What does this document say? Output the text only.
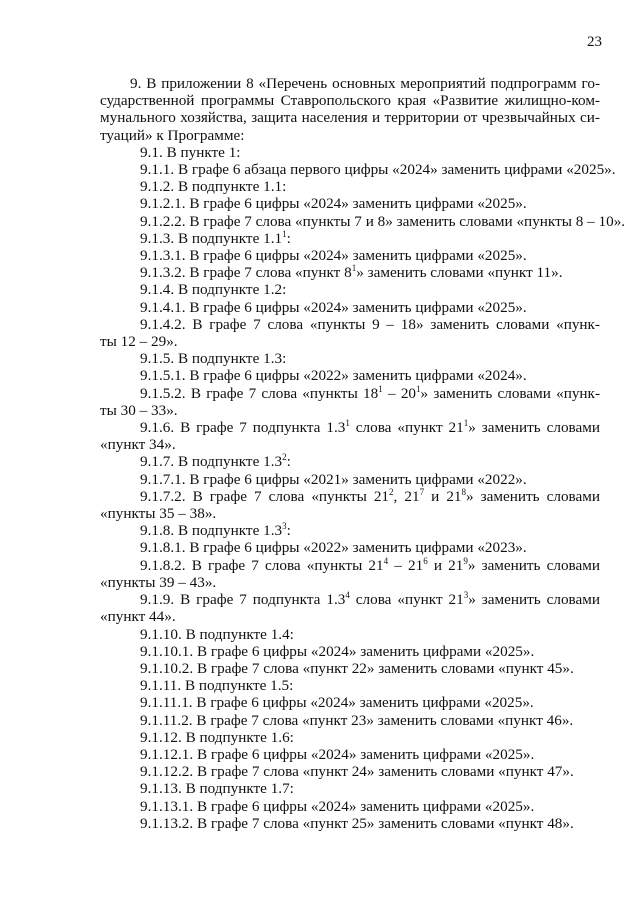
23
9. В приложении 8 «Перечень основных мероприятий подпрограмм го-
сударственной программы Ставропольского края «Развитие жилищно-ком-
мунального хозяйства, защита населения и территории от чрезвычайных си-
туаций» к Программе:
9.1. В пункте 1:
9.1.1. В графе 6 абзаца первого цифры «2024» заменить цифрами «2025».
9.1.2. В подпункте 1.1:
9.1.2.1. В графе 6 цифры «2024» заменить цифрами «2025».
9.1.2.2. В графе 7 слова «пункты 7 и 8» заменить словами «пункты 8 – 10».
9.1.3. В подпункте $1.1^1$:
9.1.3.1. В графе 6 цифры «2024» заменить цифрами «2025».
9.1.3.2. В графе 7 слова «пункт $8^1$» заменить словами «пункт 11».
9.1.4. В подпункте 1.2:
9.1.4.1. В графе 6 цифры «2024» заменить цифрами «2025».
9.1.4.2. В графе 7 слова «пункты 9 – 18» заменить словами «пунк-
ты 12 – 29».
9.1.5. В подпункте 1.3:
9.1.5.1. В графе 6 цифры «2022» заменить цифрами «2024».
9.1.5.2. В графе 7 слова «пункты $18^1 - 20^1$» заменить словами «пунк-
ты 30 – 33».
9.1.6. В графе 7 подпункта $1.3^1$ слова «пункт $21^1$» заменить словами
«пункт 34».
9.1.7. В подпункте $1.3^2$:
9.1.7.1. В графе 6 цифры «2021» заменить цифрами «2022».
9.1.7.2. В графе 7 слова «пункты $21^2$, $21^7$ и $21^8$» заменить словами
«пункты 35 – 38».
9.1.8. В подпункте $1.3^3$:
9.1.8.1. В графе 6 цифры «2022» заменить цифрами «2023».
9.1.8.2. В графе 7 слова «пункты $21^4 - 21^6$ и $21^9$» заменить словами
«пункты 39 – 43».
9.1.9. В графе 7 подпункта $1.3^4$ слова «пункт $21^3$» заменить словами
«пункт 44».
9.1.10. В подпункте 1.4:
9.1.10.1. В графе 6 цифры «2024» заменить цифрами «2025».
9.1.10.2. В графе 7 слова «пункт 22» заменить словами «пункт 45».
9.1.11. В подпункте 1.5:
9.1.11.1. В графе 6 цифры «2024» заменить цифрами «2025».
9.1.11.2. В графе 7 слова «пункт 23» заменить словами «пункт 46».
9.1.12. В подпункте 1.6:
9.1.12.1. В графе 6 цифры «2024» заменить цифрами «2025».
9.1.12.2. В графе 7 слова «пункт 24» заменить словами «пункт 47».
9.1.13. В подпункте 1.7:
9.1.13.1. В графе 6 цифры «2024» заменить цифрами «2025».
9.1.13.2. В графе 7 слова «пункт 25» заменить словами «пункт 48».
